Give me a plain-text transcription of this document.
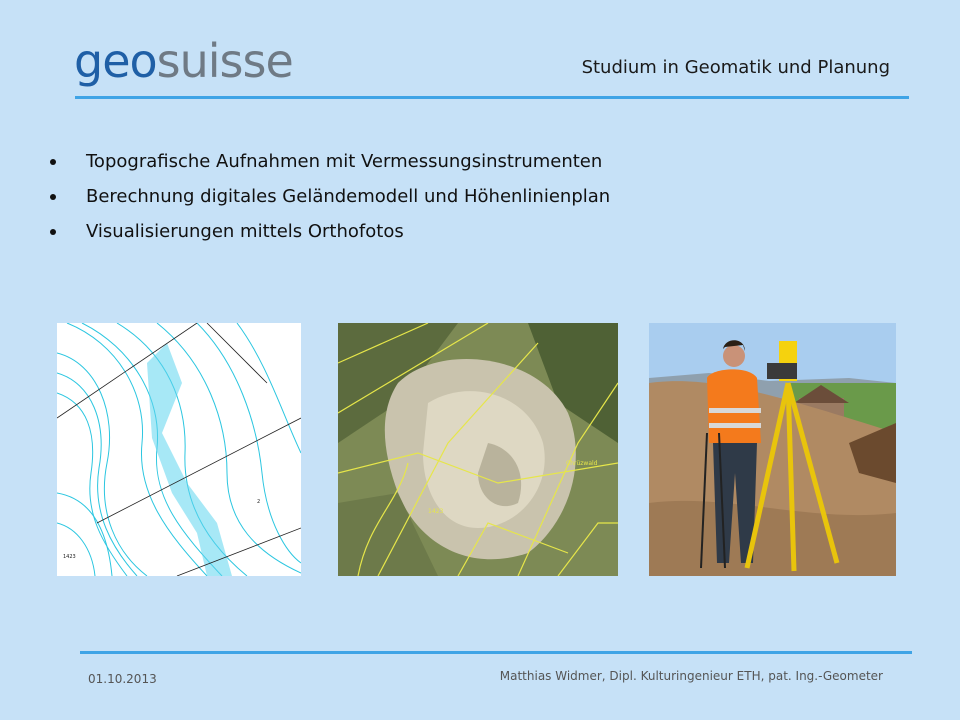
geosuisse	Studium in Geomatik und Planung
Topografische Aufnahmen mit Vermessungsinstrumenten
Berechnung digitales Geländemodell und Höhenlinienplan
Visualisierungen mittels Orthofotos
1423
2
Chrüzwald
1423
01.10.2013	Matthias Widmer, Dipl. Kulturingenieur ETH, pat. Ing.-Geometer
